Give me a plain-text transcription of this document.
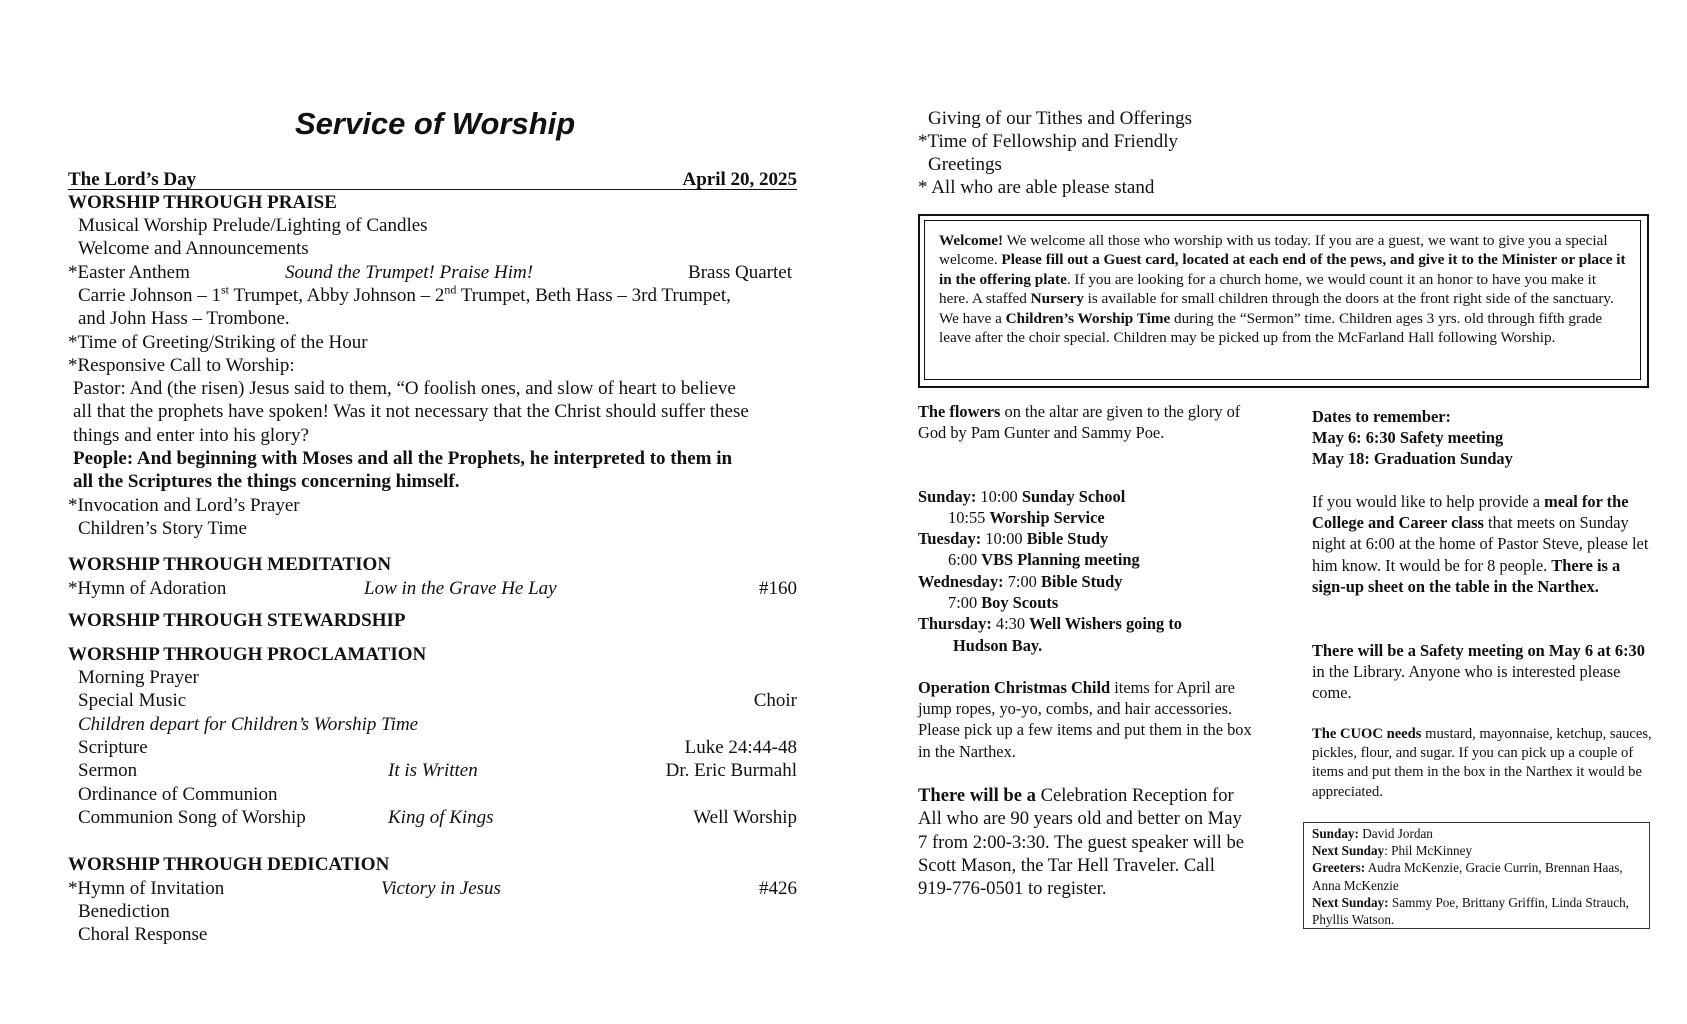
Service of Worship
The Lord’s Day	April 20, 2025
WORSHIP THROUGH PRAISE
Musical Worship Prelude/Lighting of Candles
Welcome and Announcements
*Easter Anthem	Sound the Trumpet! Praise Him!	Brass Quartet
Carrie Johnson – 1st Trumpet, Abby Johnson – 2nd Trumpet, Beth Hass – 3rd Trumpet,
and John Hass – Trombone.
*Time of Greeting/Striking of the Hour
*Responsive Call to Worship:
Pastor: And (the risen) Jesus said to them, “O foolish ones, and slow of heart to believe
all that the prophets have spoken! Was it not necessary that the Christ should suffer these
things and enter into his glory?
People: And beginning with Moses and all the Prophets, he interpreted to them in
all the Scriptures the things concerning himself.
*Invocation and Lord’s Prayer
Children’s Story Time
WORSHIP THROUGH MEDITATION
*Hymn of Adoration	Low in the Grave He Lay	#160
WORSHIP THROUGH STEWARDSHIP
WORSHIP THROUGH PROCLAMATION
Morning Prayer
Special Music	Choir
Children depart for Children’s Worship Time
Scripture	Luke 24:44-48
Sermon	It is Written	Dr. Eric Burmahl
Ordinance of Communion
Communion Song of Worship	King of Kings	Well Worship
WORSHIP THROUGH DEDICATION
*Hymn of Invitation	Victory in Jesus	#426
Benediction
Choral Response
Giving of our Tithes and Offerings
*Time of Fellowship and Friendly
Greetings
* All who are able please stand
Welcome! We welcome all those who worship with us today. If you are a guest, we want to give you a special welcome. Please fill out a Guest card, located at each end of the pews, and give it to the Minister or place it in the offering plate. If you are looking for a church home, we would count it an honor to have you make it here. A staffed Nursery is available for small children through the doors at the front right side of the sanctuary. We have a Children’s Worship Time during the “Sermon” time. Children ages 3 yrs. old through fifth grade leave after the choir special. Children may be picked up from the McFarland Hall following Worship.
The flowers on the altar are given to the glory of God by Pam Gunter and Sammy Poe.
Sunday: 10:00 Sunday School
10:55 Worship Service
Tuesday: 10:00 Bible Study
6:00 VBS Planning meeting
Wednesday: 7:00 Bible Study
7:00 Boy Scouts
Thursday: 4:30 Well Wishers going to
Hudson Bay.
Operation Christmas Child items for April are jump ropes, yo-yo, combs, and hair accessories. Please pick up a few items and put them in the box in the Narthex.
There will be a Celebration Reception for All who are 90 years old and better on May 7 from 2:00-3:30. The guest speaker will be Scott Mason, the Tar Hell Traveler. Call 919-776-0501 to register.
Dates to remember:
May 6: 6:30 Safety meeting
May 18: Graduation Sunday
If you would like to help provide a meal for the College and Career class that meets on Sunday night at 6:00 at the home of Pastor Steve, please let him know. It would be for 8 people. There is a sign-up sheet on the table in the Narthex.
There will be a Safety meeting on May 6 at 6:30 in the Library. Anyone who is interested please come.
The CUOC needs mustard, mayonnaise, ketchup, sauces, pickles, flour, and sugar. If you can pick up a couple of items and put them in the box in the Narthex it would be appreciated.
Sunday: David Jordan
Next Sunday: Phil McKinney
Greeters: Audra McKenzie, Gracie Currin, Brennan Haas, Anna McKenzie
Next Sunday: Sammy Poe, Brittany Griffin, Linda Strauch, Phyllis Watson.
